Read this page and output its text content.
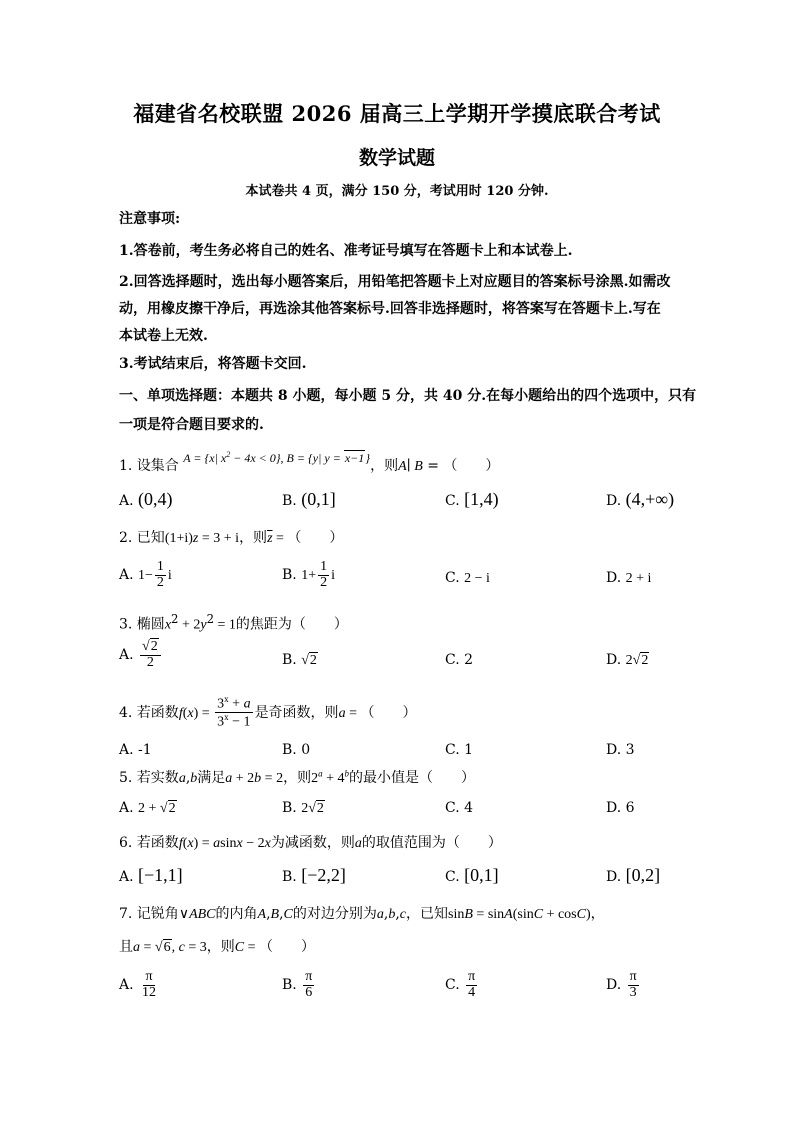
福建省名校联盟 2026 届高三上学期开学摸底联合考试
数学试题
本试卷共 4 页，满分 150 分，考试用时 120 分钟.
注意事项:
1.答卷前，考生务必将自己的姓名、准考证号填写在答题卡上和本试卷上.
2.回答选择题时，选出每小题答案后，用铅笔把答题卡上对应题目的答案标号涂黑.如需改
动，用橡皮擦干净后，再选涂其他答案标号.回答非选择题时，将答案写在答题卡上.写在
本试卷上无效.
3.考试结束后，将答题卡交回.
一、单项选择题：本题共 8 小题，每小题 5 分，共 40 分.在每小题给出的四个选项中，只有
一项是符合题目要求的.
1. 设集合 A = {x| $x^2 - 4x < 0$}, B = {y| y = x−1}，则A∣ B = （　　）
A. (0,4)	B. (0,1]	C. [1,4)	D. (4,+∞)
2. 已知(1+i)z = 3 + i，则$\overline{z}$ = （　　）
A. $1- \frac{1}{2}$ i	B. $1+ \frac{1}{2}$ i	C. 2 − i	D. 2 + i
3. 椭圆$x^2 + 2y^2 = 1$的焦距为（　　）
A. $\frac{√2}{2}$	B. √2	C. 2	D. 2√2
4. 若函数$f(x) = \frac{3^x + a}{3^x - 1}$ 是奇函数，则a = （　　）
A. -1	B. 0	C. 1	D. 3
5. 若实数a,b满足a + 2b = 2，则$2^a + 4^b$的最小值是（　　）
A. 2 + √2	B. 2√2	C. 4	D. 6
6. 若函数f(x) = asinx − 2x为减函数，则a的取值范围为（　　）
A. [−1,1]	B. [−2,2]	C. [0,1]	D. [0,2]
7. 记锐角∨ABC的内角A,B,C的对边分别为a,b,c，已知sinB = sinA(sinC + cosC)，
且a = √6, c = 3，则C = （　　）
A. $\frac{\pi}{12}$	B. $\frac{\pi}{6}$	C. $\frac{\pi}{4}$	D. $\frac{\pi}{3}$
